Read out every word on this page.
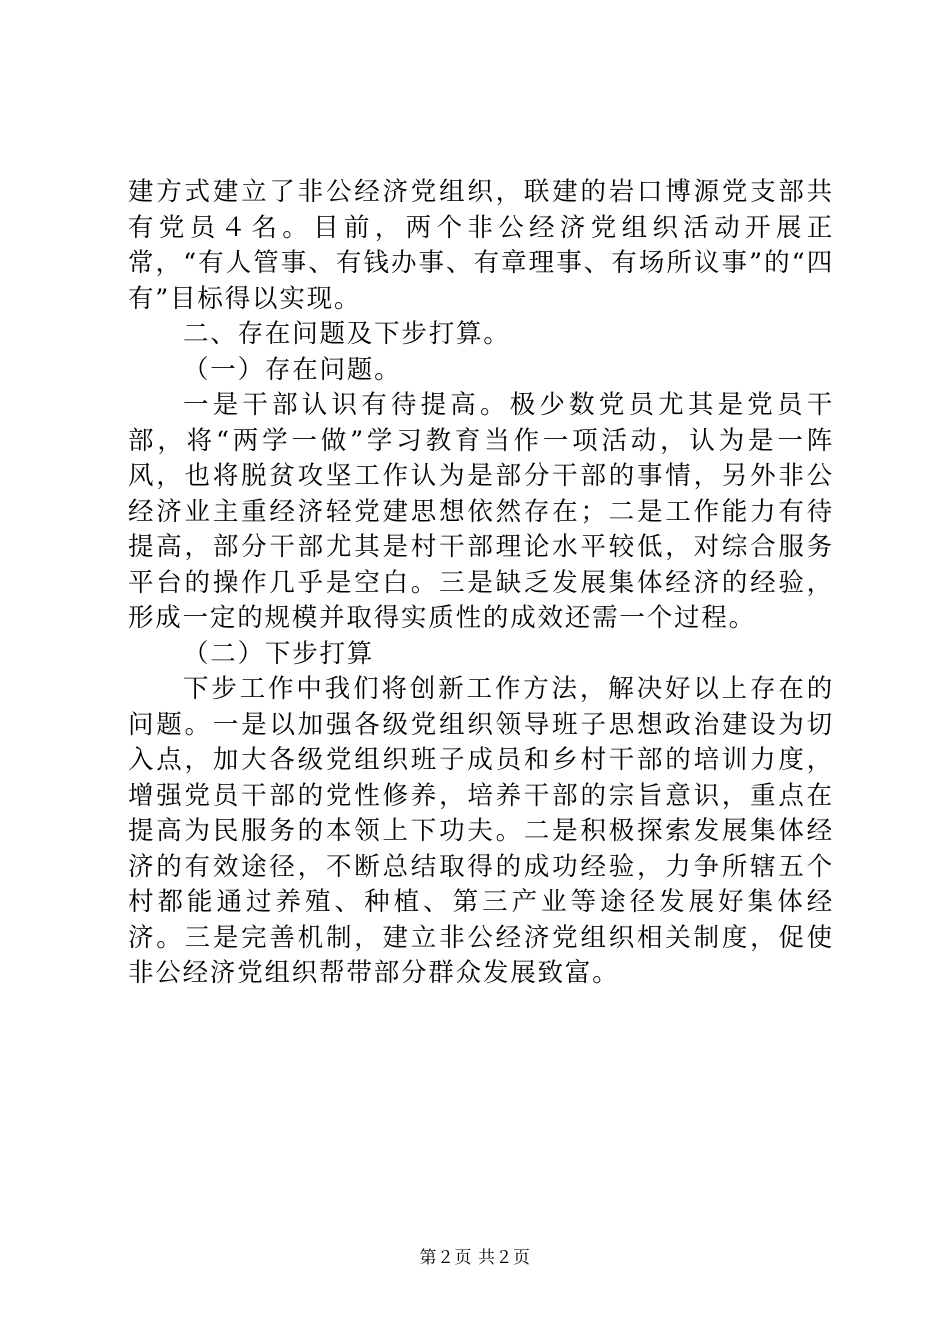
建方式建立了非公经济党组织，联建的岩口博源党支部共有党员４名。目前，两个非公经济党组织活动开展正常，“有人管事、有钱办事、有章理事、有场所议事”的“四有”目标得以实现。

二、存在问题及下步打算。

（一）存在问题。

一是干部认识有待提高。极少数党员尤其是党员干部，将“两学一做”学习教育当作一项活动，认为是一阵风，也将脱贫攻坚工作认为是部分干部的事情，另外非公经济业主重经济轻党建思想依然存在；二是工作能力有待提高，部分干部尤其是村干部理论水平较低，对综合服务平台的操作几乎是空白。三是缺乏发展集体经济的经验，形成一定的规模并取得实质性的成效还需一个过程。

（二）下步打算

下步工作中我们将创新工作方法，解决好以上存在的问题。一是以加强各级党组织领导班子思想政治建设为切入点，加大各级党组织班子成员和乡村干部的培训力度，增强党员干部的党性修养，培养干部的宗旨意识，重点在提高为民服务的本领上下功夫。二是积极探索发展集体经济的有效途径，不断总结取得的成功经验，力争所辖五个村都能通过养殖、种植、第三产业等途径发展好集体经济。三是完善机制，建立非公经济党组织相关制度，促使非公经济党组织帮带部分群众发展致富。

第２页 共２页
